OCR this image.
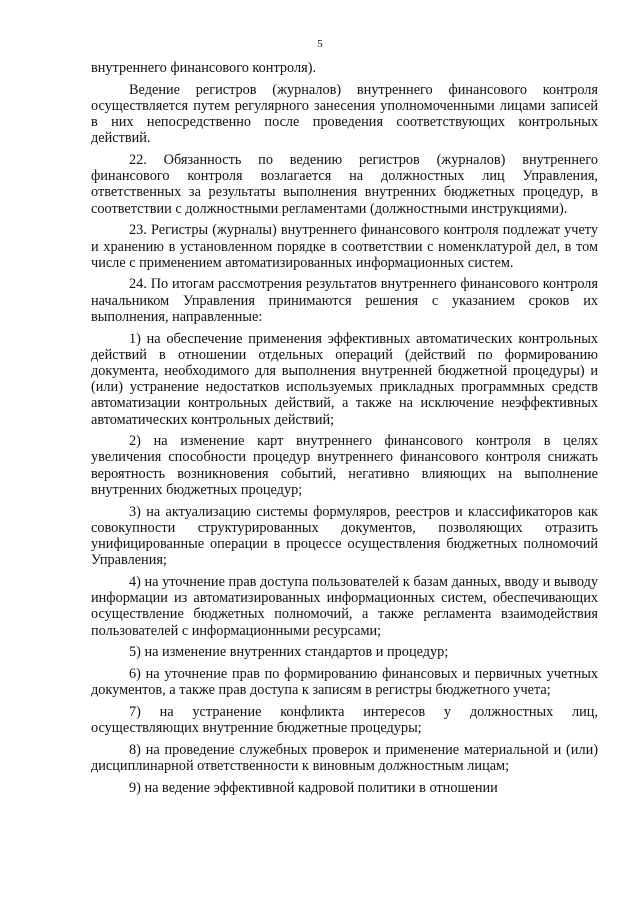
5

внутреннего финансового контроля).

Ведение регистров (журналов) внутреннего финансового контроля осуществляется путем регулярного занесения уполномоченными лицами записей в них непосредственно после проведения соответствующих контрольных действий.

22. Обязанность по ведению регистров (журналов) внутреннего финансового контроля возлагается на должностных лиц Управления, ответственных за результаты выполнения внутренних бюджетных процедур, в соответствии с должностными регламентами (должностными инструкциями).

23. Регистры (журналы) внутреннего финансового контроля подлежат учету и хранению в установленном порядке в соответствии с номенклатурой дел, в том числе с применением автоматизированных информационных систем.

24. По итогам рассмотрения результатов внутреннего финансового контроля начальником Управления принимаются решения с указанием сроков их выполнения, направленные:

1) на обеспечение применения эффективных автоматических контрольных действий в отношении отдельных операций (действий по формированию документа, необходимого для выполнения внутренней бюджетной процедуры) и (или) устранение недостатков используемых прикладных программных средств автоматизации контрольных действий, а также на исключение неэффективных автоматических контрольных действий;

2) на изменение карт внутреннего финансового контроля в целях увеличения способности процедур внутреннего финансового контроля снижать вероятность возникновения событий, негативно влияющих на выполнение внутренних бюджетных процедур;

3) на актуализацию системы формуляров, реестров и классификаторов как совокупности структурированных документов, позволяющих отразить унифицированные операции в процессе осуществления бюджетных полномочий Управления;

4) на уточнение прав доступа пользователей к базам данных, вводу и выводу информации из автоматизированных информационных систем, обеспечивающих осуществление бюджетных полномочий, а также регламента взаимодействия пользователей с информационными ресурсами;

5) на изменение внутренних стандартов и процедур;

6) на уточнение прав по формированию финансовых и первичных учетных документов, а также прав доступа к записям в регистры бюджетного учета;

7) на устранение конфликта интересов у должностных лиц, осуществляющих внутренние бюджетные процедуры;

8) на проведение служебных проверок и применение материальной и (или) дисциплинарной ответственности к виновным должностным лицам;

9) на ведение эффективной кадровой политики в отношении
